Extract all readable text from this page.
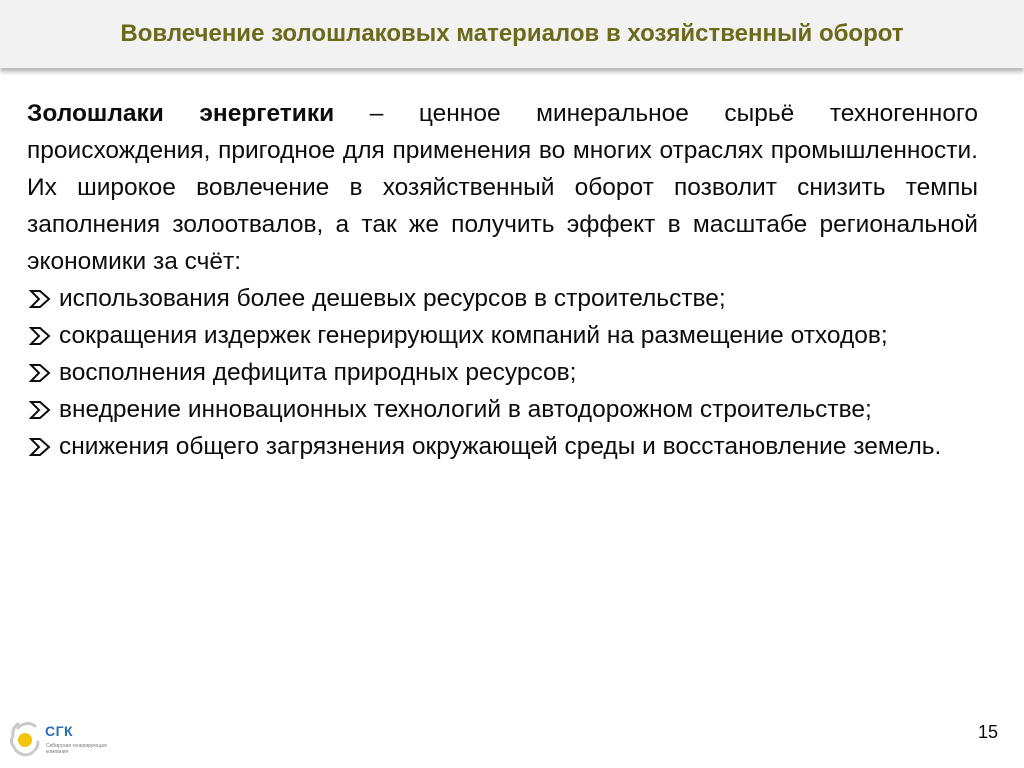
Вовлечение золошлаковых материалов в хозяйственный оборот

Золошлаки энергетики – ценное минеральное сырьё техногенного происхождения, пригодное для применения во многих отраслях промышленности. Их широкое вовлечение в хозяйственный оборот позволит снизить темпы заполнения золоотвалов, а так же получить эффект в масштабе региональной экономики за счёт:

использования более дешевых ресурсов в строительстве;
сокращения издержек генерирующих компаний на размещение отходов;
восполнения дефицита природных ресурсов;
внедрение инновационных технологий в автодорожном строительстве;
снижения общего загрязнения окружающей среды и восстановление земель.
СГК
Сибирская генерирующая компания
15
